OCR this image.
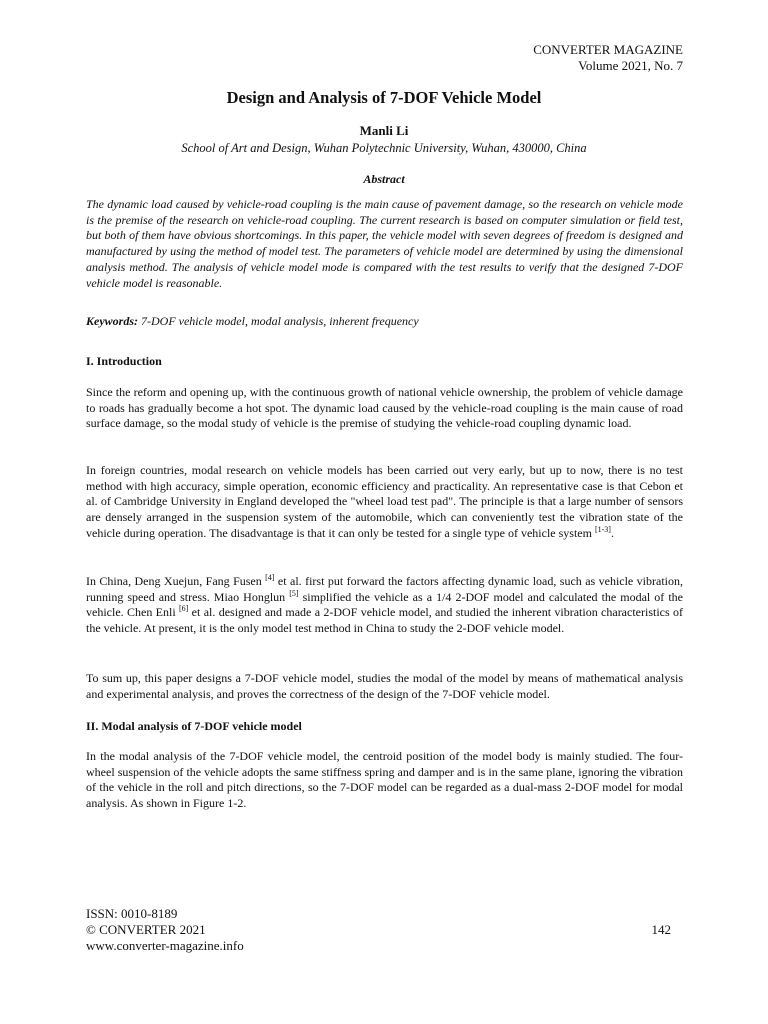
CONVERTER MAGAZINE
Volume 2021, No. 7
Design and Analysis of 7-DOF Vehicle Model
Manli Li
School of Art and Design, Wuhan Polytechnic University, Wuhan, 430000, China
Abstract

The dynamic load caused by vehicle-road coupling is the main cause of pavement damage, so the research on vehicle mode is the premise of the research on vehicle-road coupling. The current research is based on computer simulation or field test, but both of them have obvious shortcomings. In this paper, the vehicle model with seven degrees of freedom is designed and manufactured by using the method of model test. The parameters of vehicle model are determined by using the dimensional analysis method. The analysis of vehicle model mode is compared with the test results to verify that the designed 7-DOF vehicle model is reasonable.

Keywords: 7-DOF vehicle model, modal analysis, inherent frequency

I. Introduction

Since the reform and opening up, with the continuous growth of national vehicle ownership, the problem of vehicle damage to roads has gradually become a hot spot. The dynamic load caused by the vehicle-road coupling is the main cause of road surface damage, so the modal study of vehicle is the premise of studying the vehicle-road coupling dynamic load.

In foreign countries, modal research on vehicle models has been carried out very early, but up to now, there is no test method with high accuracy, simple operation, economic efficiency and practicality. An representative case is that Cebon et al. of Cambridge University in England developed the "wheel load test pad". The principle is that a large number of sensors are densely arranged in the suspension system of the automobile, which can conveniently test the vibration state of the vehicle during operation. The disadvantage is that it can only be tested for a single type of vehicle system [1-3].

In China, Deng Xuejun, Fang Fusen [4] et al. first put forward the factors affecting dynamic load, such as vehicle vibration, running speed and stress. Miao Honglun [5] simplified the vehicle as a 1/4 2-DOF model and calculated the modal of the vehicle. Chen Enli [6] et al. designed and made a 2-DOF vehicle model, and studied the inherent vibration characteristics of the vehicle. At present, it is the only model test method in China to study the 2-DOF vehicle model.

To sum up, this paper designs a 7-DOF vehicle model, studies the modal of the model by means of mathematical analysis and experimental analysis, and proves the correctness of the design of the 7-DOF vehicle model.

II. Modal analysis of 7-DOF vehicle model

In the modal analysis of the 7-DOF vehicle model, the centroid position of the model body is mainly studied. The four-wheel suspension of the vehicle adopts the same stiffness spring and damper and is in the same plane, ignoring the vibration of the vehicle in the roll and pitch directions, so the 7-DOF model can be regarded as a dual-mass 2-DOF model for modal analysis. As shown in Figure 1-2.

ISSN: 0010-8189
© CONVERTER 2021
www.converter-magazine.info
142
